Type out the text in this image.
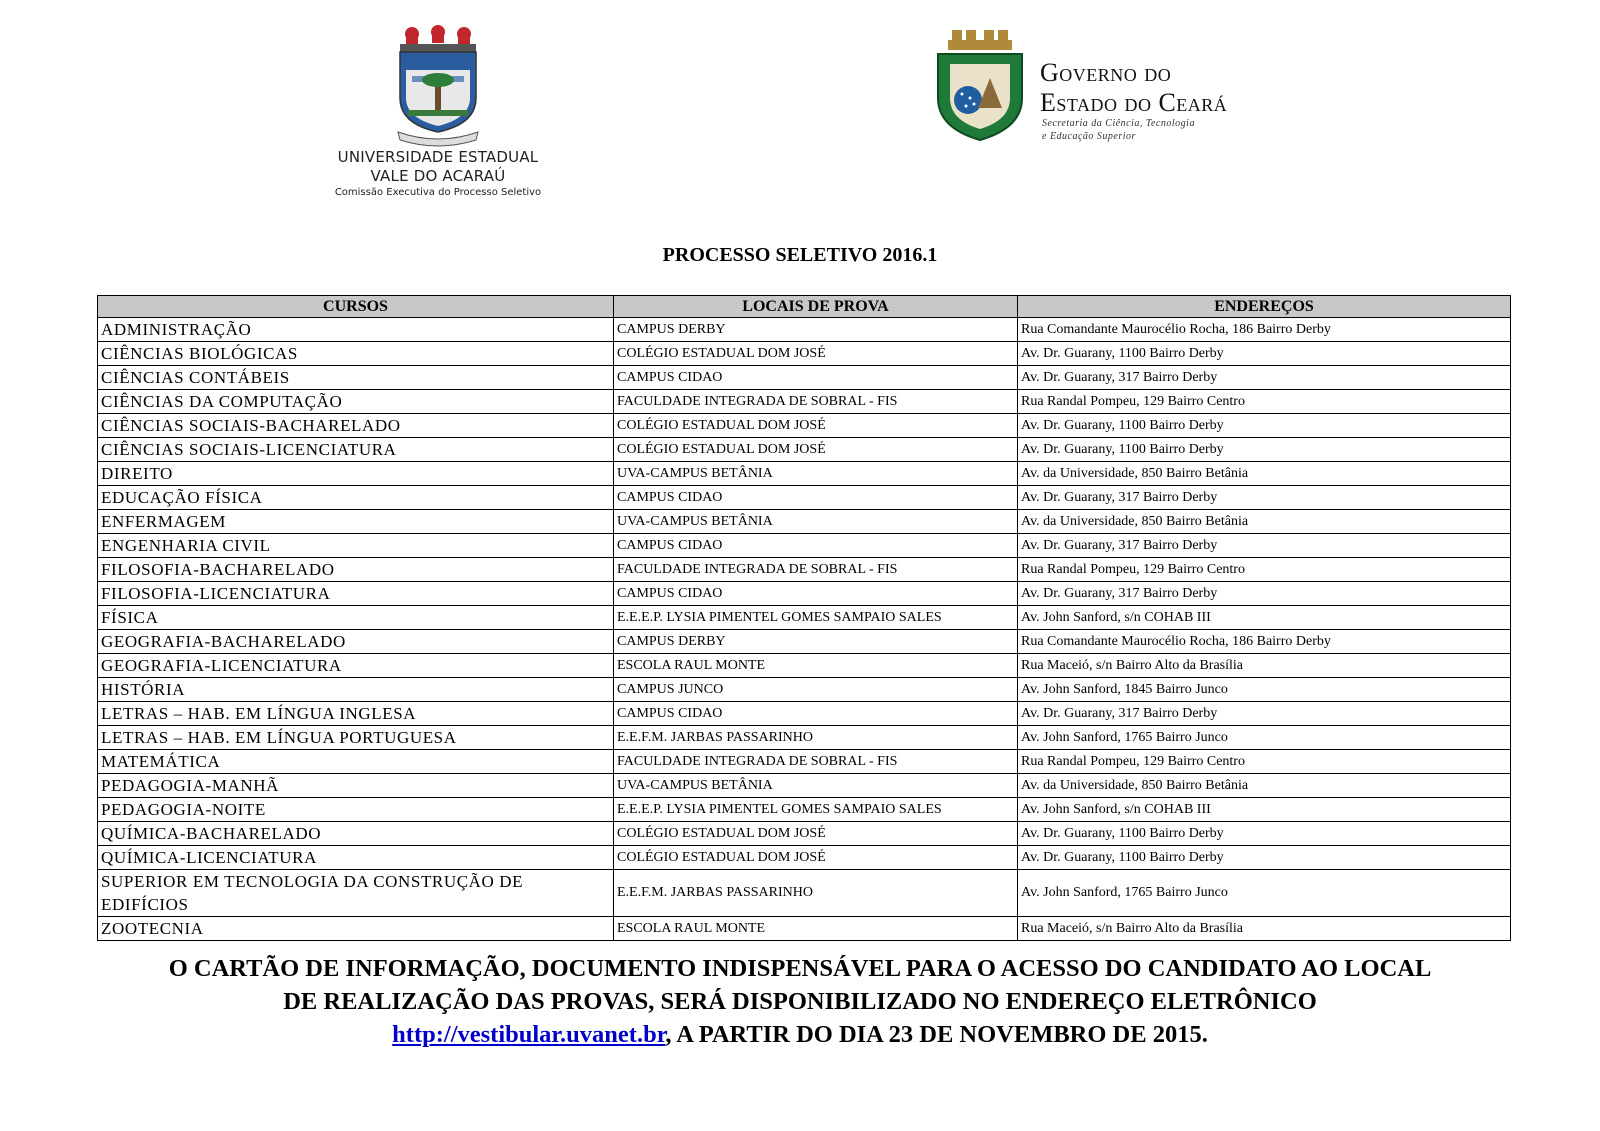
UNIVERSIDADE ESTADUAL
VALE DO ACARAÚ
Comissão Executiva do Processo Seletivo
Governo do
Estado do Ceará
Secretaria da Ciência, Tecnologia
e Educação Superior
PROCESSO SELETIVO 2016.1
CURSOS	LOCAIS DE PROVA	ENDEREÇOS
ADMINISTRAÇÃO	CAMPUS DERBY	Rua Comandante Maurocélio Rocha, 186 Bairro Derby
CIÊNCIAS BIOLÓGICAS	COLÉGIO ESTADUAL DOM JOSÉ	Av. Dr. Guarany, 1100 Bairro Derby
CIÊNCIAS CONTÁBEIS	CAMPUS CIDAO	Av. Dr. Guarany, 317 Bairro Derby
CIÊNCIAS DA COMPUTAÇÃO	FACULDADE INTEGRADA DE SOBRAL - FIS	Rua Randal Pompeu, 129 Bairro Centro
CIÊNCIAS SOCIAIS-BACHARELADO	COLÉGIO ESTADUAL DOM JOSÉ	Av. Dr. Guarany, 1100 Bairro Derby
CIÊNCIAS SOCIAIS-LICENCIATURA	COLÉGIO ESTADUAL DOM JOSÉ	Av. Dr. Guarany, 1100 Bairro Derby
DIREITO	UVA-CAMPUS BETÂNIA	Av. da Universidade, 850 Bairro Betânia
EDUCAÇÃO FÍSICA	CAMPUS CIDAO	Av. Dr. Guarany, 317 Bairro Derby
ENFERMAGEM	UVA-CAMPUS BETÂNIA	Av. da Universidade, 850 Bairro Betânia
ENGENHARIA CIVIL	CAMPUS CIDAO	Av. Dr. Guarany, 317 Bairro Derby
FILOSOFIA-BACHARELADO	FACULDADE INTEGRADA DE SOBRAL - FIS	Rua Randal Pompeu, 129 Bairro Centro
FILOSOFIA-LICENCIATURA	CAMPUS CIDAO	Av. Dr. Guarany, 317 Bairro Derby
FÍSICA	E.E.E.P. LYSIA PIMENTEL GOMES SAMPAIO SALES	Av. John Sanford, s/n COHAB III
GEOGRAFIA-BACHARELADO	CAMPUS DERBY	Rua Comandante Maurocélio Rocha, 186 Bairro Derby
GEOGRAFIA-LICENCIATURA	ESCOLA RAUL MONTE	Rua Maceió, s/n Bairro Alto da Brasília
HISTÓRIA	CAMPUS JUNCO	Av. John Sanford, 1845 Bairro Junco
LETRAS – HAB. EM LÍNGUA INGLESA	CAMPUS CIDAO	Av. Dr. Guarany, 317 Bairro Derby
LETRAS – HAB. EM LÍNGUA PORTUGUESA	E.E.F.M. JARBAS PASSARINHO	Av. John Sanford, 1765 Bairro Junco
MATEMÁTICA	FACULDADE INTEGRADA DE SOBRAL - FIS	Rua Randal Pompeu, 129 Bairro Centro
PEDAGOGIA-MANHÃ	UVA-CAMPUS BETÂNIA	Av. da Universidade, 850 Bairro Betânia
PEDAGOGIA-NOITE	E.E.E.P. LYSIA PIMENTEL GOMES SAMPAIO SALES	Av. John Sanford, s/n COHAB III
QUÍMICA-BACHARELADO	COLÉGIO ESTADUAL DOM JOSÉ	Av. Dr. Guarany, 1100 Bairro Derby
QUÍMICA-LICENCIATURA	COLÉGIO ESTADUAL DOM JOSÉ	Av. Dr. Guarany, 1100 Bairro Derby
SUPERIOR EM TECNOLOGIA DA CONSTRUÇÃO DE EDIFÍCIOS	E.E.F.M. JARBAS PASSARINHO	Av. John Sanford, 1765 Bairro Junco
ZOOTECNIA	ESCOLA RAUL MONTE	Rua Maceió, s/n Bairro Alto da Brasília
O CARTÃO DE INFORMAÇÃO, DOCUMENTO INDISPENSÁVEL PARA O ACESSO DO CANDIDATO AO LOCAL
DE REALIZAÇÃO DAS PROVAS, SERÁ DISPONIBILIZADO NO ENDEREÇO ELETRÔNICO
http://vestibular.uvanet.br, A PARTIR DO DIA 23 DE NOVEMBRO DE 2015.
